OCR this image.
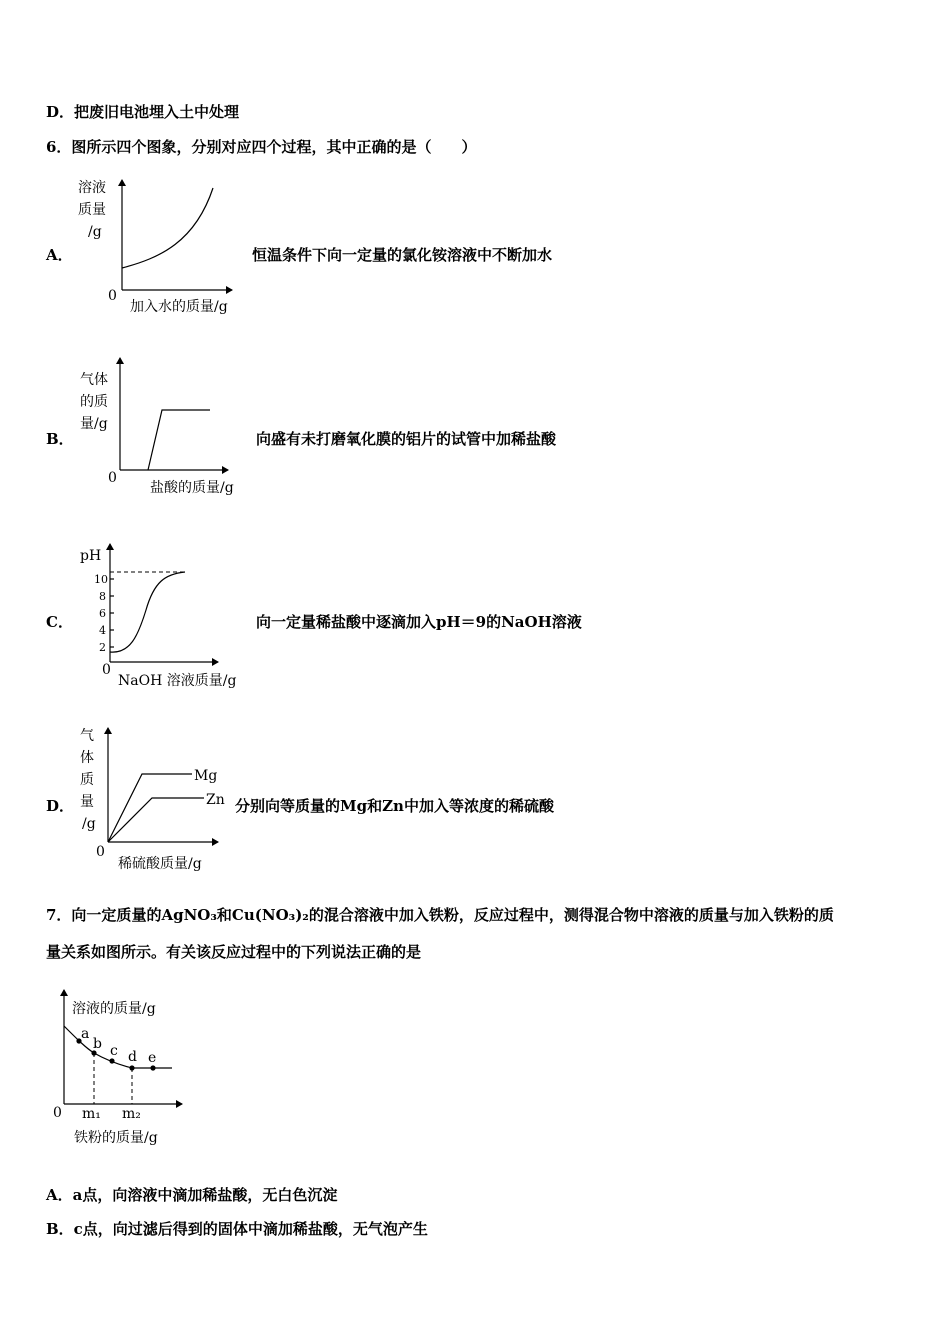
D．把废旧电池埋入土中处理
6．图所示四个图象，分别对应四个过程，其中正确的是（　　）
A．
溶液
质量
/g
0
加入水的质量/g
恒温条件下向一定量的氯化铵溶液中不断加水
B．
气体
的质
量/g
0
盐酸的质量/g
向盛有未打磨氧化膜的铝片的试管中加稀盐酸
C．
pH
10
8
6
4
2
0
NaOH 溶液质量/g
向一定量稀盐酸中逐滴加入pH＝9的NaOH溶液
D．
气
体
质
量
/g
Mg
Zn
0
稀硫酸质量/g
分别向等质量的Mg和Zn中加入等浓度的稀硫酸
7．向一定质量的AgNO₃和Cu(NO₃)₂的混合溶液中加入铁粉，反应过程中，测得混合物中溶液的质量与加入铁粉的质
量关系如图所示。有关该反应过程中的下列说法正确的是
溶液的质量/g
a
b c d e
0 m₁ m₂
铁粉的质量/g
A．a点，向溶液中滴加稀盐酸，无白色沉淀
B．c点，向过滤后得到的固体中滴加稀盐酸，无气泡产生
